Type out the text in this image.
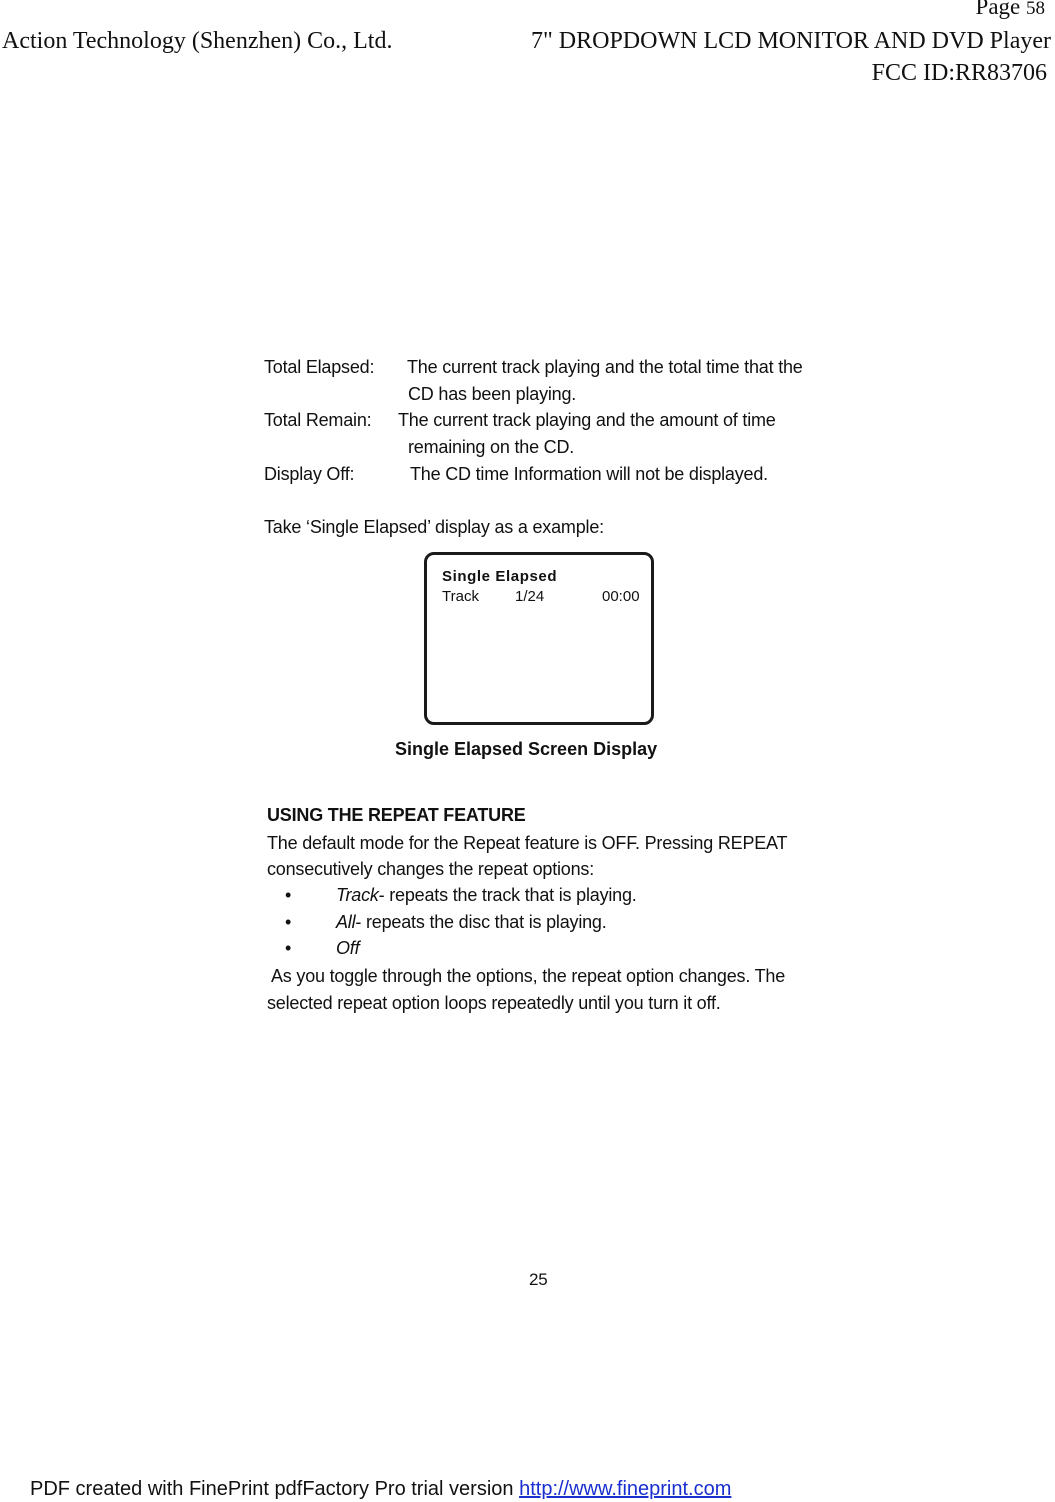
Page 58
Action Technology (Shenzhen) Co., Ltd.	7" DROPDOWN LCD MONITOR AND DVD Player
FCC ID:RR83706
Total Elapsed: The current track playing and the total time that the
CD has been playing.
Total Remain: The current track playing and the amount of time
remaining on the CD.
Display Off:	The CD time Information will not be displayed.
Take ‘Single Elapsed’ display as a example:
Single Elapsed
Track 1/24	00:00
Single Elapsed Screen Display
USING THE REPEAT FEATURE
The default mode for the Repeat feature is OFF. Pressing REPEAT
consecutively changes the repeat options:
• Track- repeats the track that is playing.
• All- repeats the disc that is playing.
• Off
As you toggle through the options, the repeat option changes. The
selected repeat option loops repeatedly until you turn it off.
25
PDF created with FinePrint pdfFactory Pro trial version http://www.fineprint.com
